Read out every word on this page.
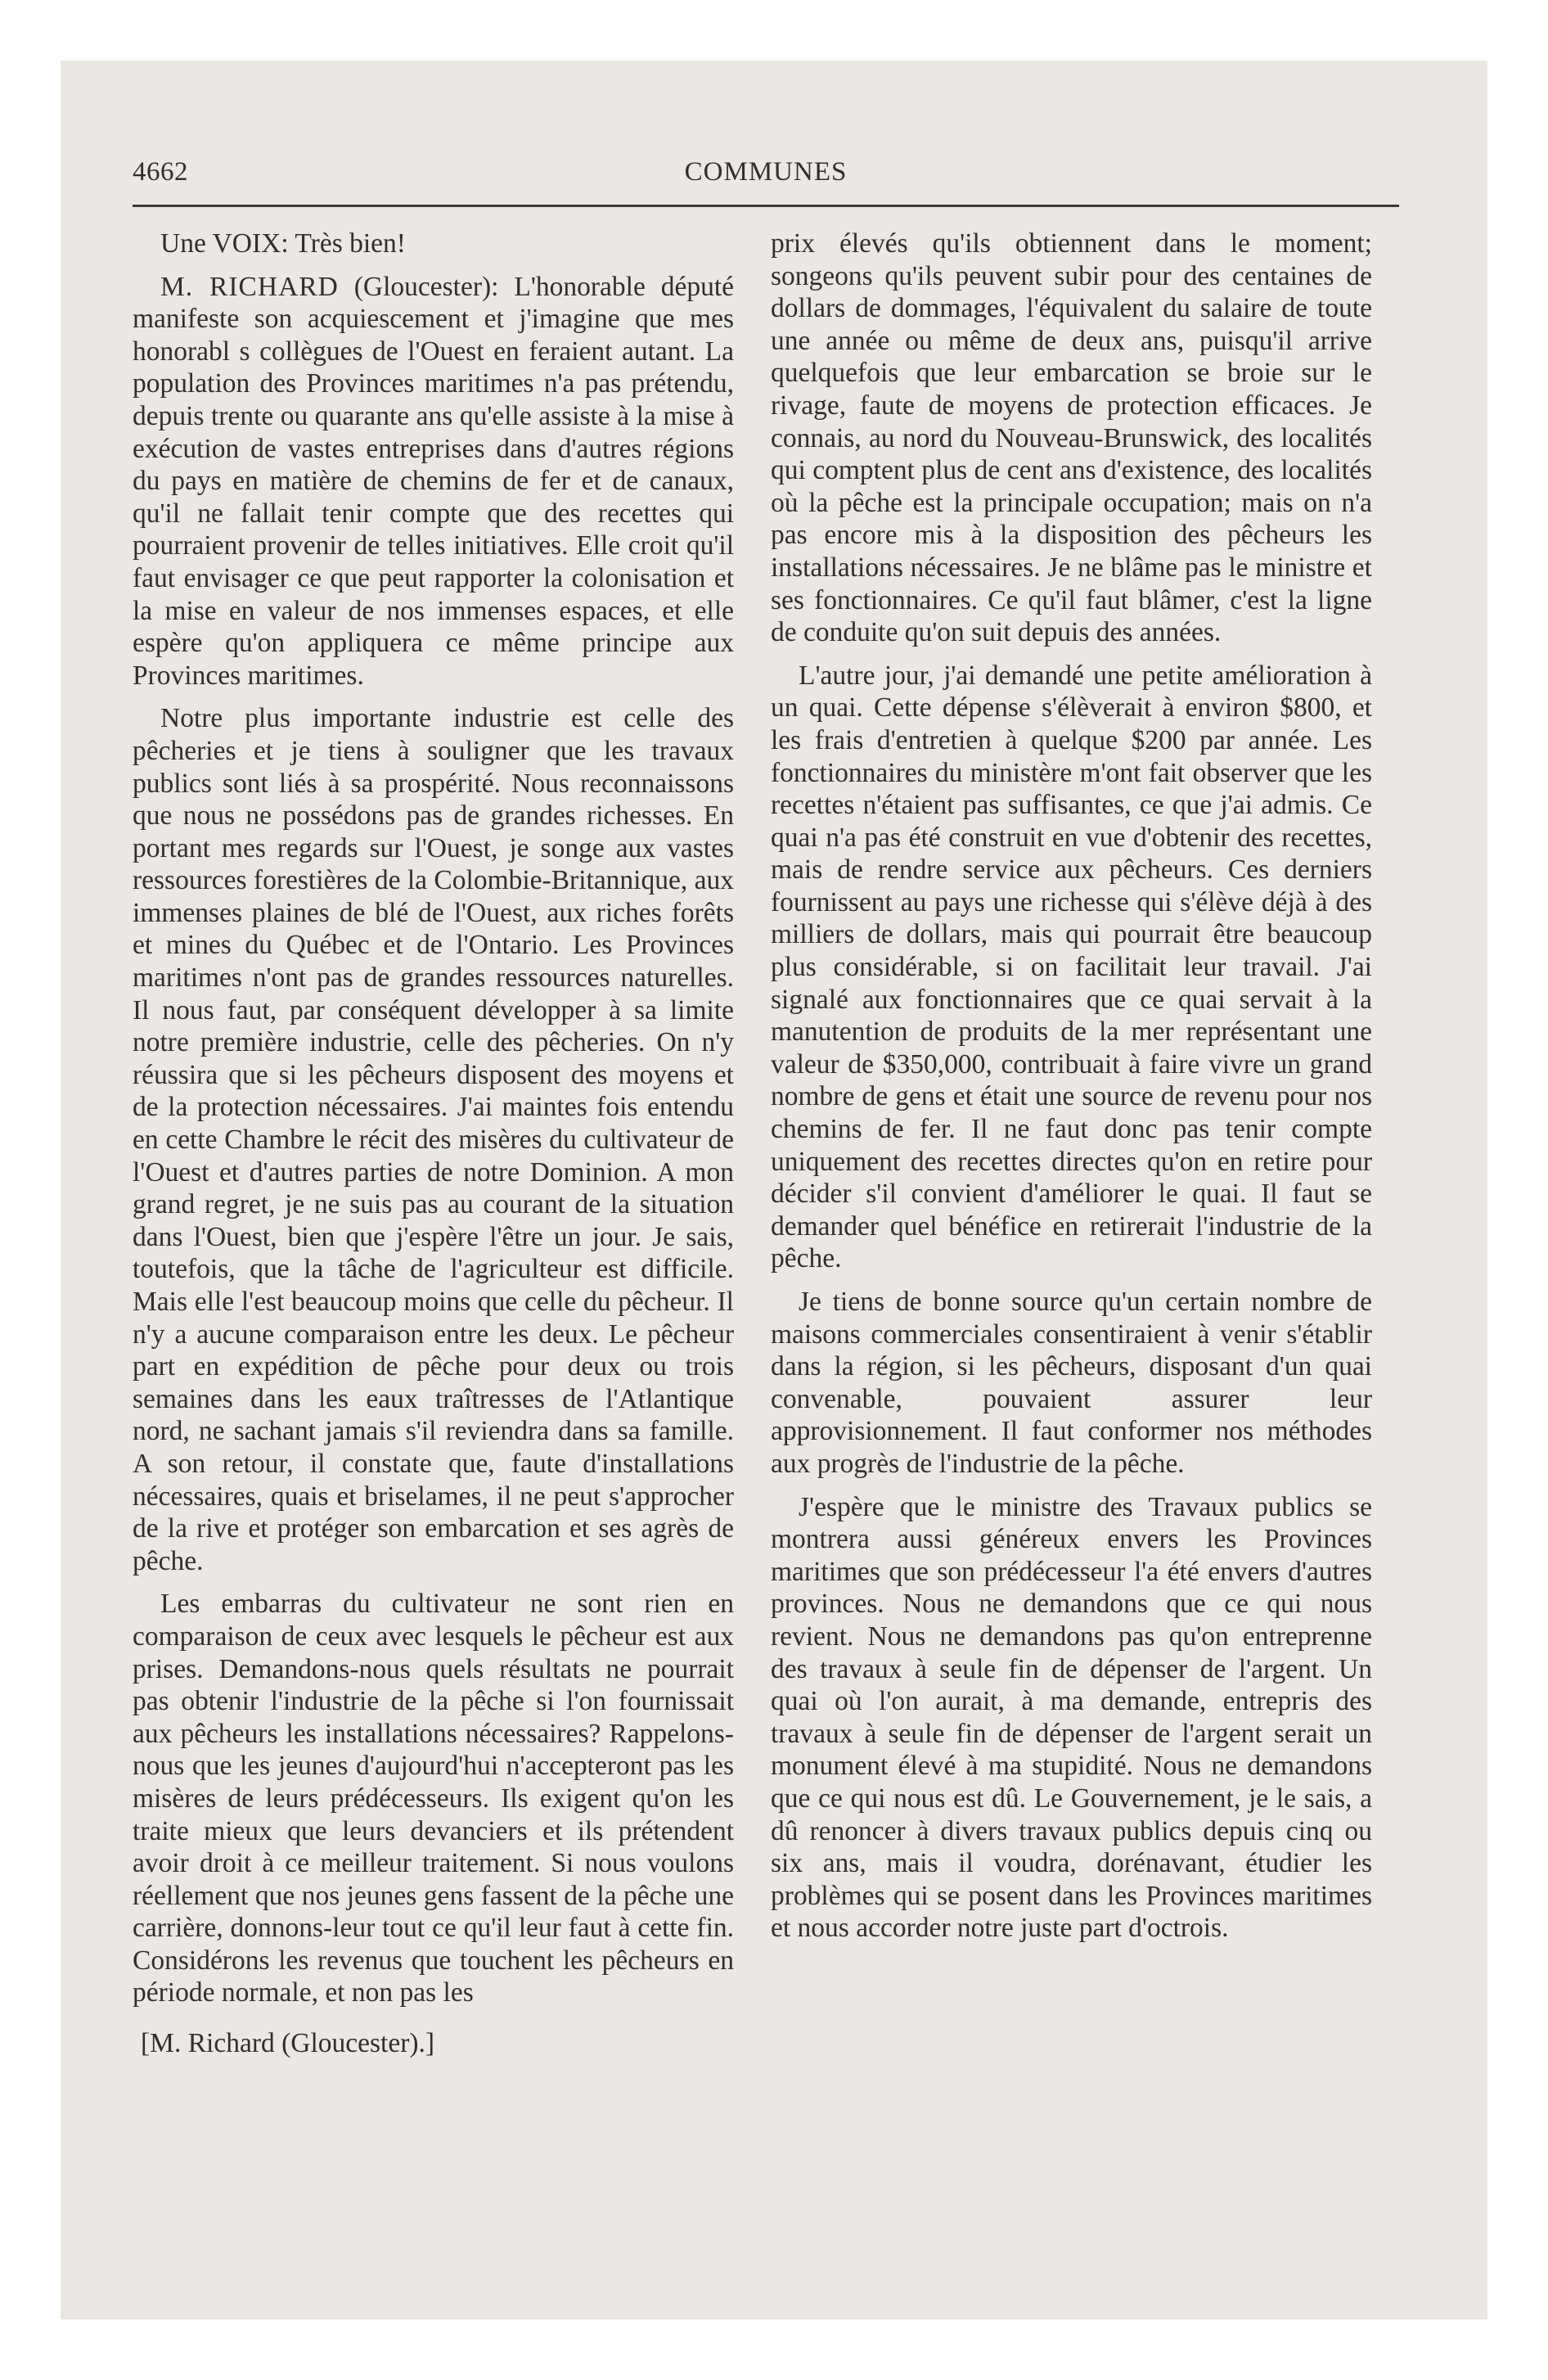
4662	COMMUNES

Une VOIX: Très bien!

M. RICHARD (Gloucester): L'honorable député manifeste son acquiescement et j'imagine que mes honorabl s collègues de l'Ouest en feraient autant. La population des Provinces maritimes n'a pas prétendu, depuis trente ou quarante ans qu'elle assiste à la mise à exécution de vastes entreprises dans d'autres régions du pays en matière de chemins de fer et de canaux, qu'il ne fallait tenir compte que des recettes qui pourraient provenir de telles initiatives. Elle croit qu'il faut envisager ce que peut rapporter la colonisation et la mise en valeur de nos immenses espaces, et elle espère qu'on appliquera ce même principe aux Provinces maritimes.

Notre plus importante industrie est celle des pêcheries et je tiens à souligner que les travaux publics sont liés à sa prospérité. Nous reconnaissons que nous ne possédons pas de grandes richesses. En portant mes regards sur l'Ouest, je songe aux vastes ressources forestières de la Colombie-Britannique, aux immenses plaines de blé de l'Ouest, aux riches forêts et mines du Québec et de l'Ontario. Les Provinces maritimes n'ont pas de grandes ressources naturelles. Il nous faut, par conséquent développer à sa limite notre première industrie, celle des pêcheries. On n'y réussira que si les pêcheurs disposent des moyens et de la protection nécessaires. J'ai maintes fois entendu en cette Chambre le récit des misères du cultivateur de l'Ouest et d'autres parties de notre Dominion. A mon grand regret, je ne suis pas au courant de la situation dans l'Ouest, bien que j'espère l'être un jour. Je sais, toutefois, que la tâche de l'agriculteur est difficile. Mais elle l'est beaucoup moins que celle du pêcheur. Il n'y a aucune comparaison entre les deux. Le pêcheur part en expédition de pêche pour deux ou trois semaines dans les eaux traîtresses de l'Atlantique nord, ne sachant jamais s'il reviendra dans sa famille. A son retour, il constate que, faute d'installations nécessaires, quais et briselames, il ne peut s'approcher de la rive et protéger son embarcation et ses agrès de pêche.

Les embarras du cultivateur ne sont rien en comparaison de ceux avec lesquels le pêcheur est aux prises. Demandons-nous quels résultats ne pourrait pas obtenir l'industrie de la pêche si l'on fournissait aux pêcheurs les installations nécessaires? Rappelons-nous que les jeunes d'aujourd'hui n'accepteront pas les misères de leurs prédécesseurs. Ils exigent qu'on les traite mieux que leurs devanciers et ils prétendent avoir droit à ce meilleur traitement. Si nous voulons réellement que nos jeunes gens fassent de la pêche une carrière, donnons-leur tout ce qu'il leur faut à cette fin. Considérons les revenus que touchent les pêcheurs en période normale, et non pas les

[M. Richard (Gloucester).]

prix élevés qu'ils obtiennent dans le moment; songeons qu'ils peuvent subir pour des centaines de dollars de dommages, l'équivalent du salaire de toute une année ou même de deux ans, puisqu'il arrive quelquefois que leur embarcation se broie sur le rivage, faute de moyens de protection efficaces. Je connais, au nord du Nouveau-Brunswick, des localités qui comptent plus de cent ans d'existence, des localités où la pêche est la principale occupation; mais on n'a pas encore mis à la disposition des pêcheurs les installations nécessaires. Je ne blâme pas le ministre et ses fonctionnaires. Ce qu'il faut blâmer, c'est la ligne de conduite qu'on suit depuis des années.

L'autre jour, j'ai demandé une petite amélioration à un quai. Cette dépense s'élèverait à environ $800, et les frais d'entretien à quelque $200 par année. Les fonctionnaires du ministère m'ont fait observer que les recettes n'étaient pas suffisantes, ce que j'ai admis. Ce quai n'a pas été construit en vue d'obtenir des recettes, mais de rendre service aux pêcheurs. Ces derniers fournissent au pays une richesse qui s'élève déjà à des milliers de dollars, mais qui pourrait être beaucoup plus considérable, si on facilitait leur travail. J'ai signalé aux fonctionnaires que ce quai servait à la manutention de produits de la mer représentant une valeur de $350,000, contribuait à faire vivre un grand nombre de gens et était une source de revenu pour nos chemins de fer. Il ne faut donc pas tenir compte uniquement des recettes directes qu'on en retire pour décider s'il convient d'améliorer le quai. Il faut se demander quel bénéfice en retirerait l'industrie de la pêche.

Je tiens de bonne source qu'un certain nombre de maisons commerciales consentiraient à venir s'établir dans la région, si les pêcheurs, disposant d'un quai convenable, pouvaient assurer leur approvisionnement. Il faut conformer nos méthodes aux progrès de l'industrie de la pêche.

J'espère que le ministre des Travaux publics se montrera aussi généreux envers les Provinces maritimes que son prédécesseur l'a été envers d'autres provinces. Nous ne demandons que ce qui nous revient. Nous ne demandons pas qu'on entreprenne des travaux à seule fin de dépenser de l'argent. Un quai où l'on aurait, à ma demande, entrepris des travaux à seule fin de dépenser de l'argent serait un monument élevé à ma stupidité. Nous ne demandons que ce qui nous est dû. Le Gouvernement, je le sais, a dû renoncer à divers travaux publics depuis cinq ou six ans, mais il voudra, dorénavant, étudier les problèmes qui se posent dans les Provinces maritimes et nous accorder notre juste part d'octrois.
